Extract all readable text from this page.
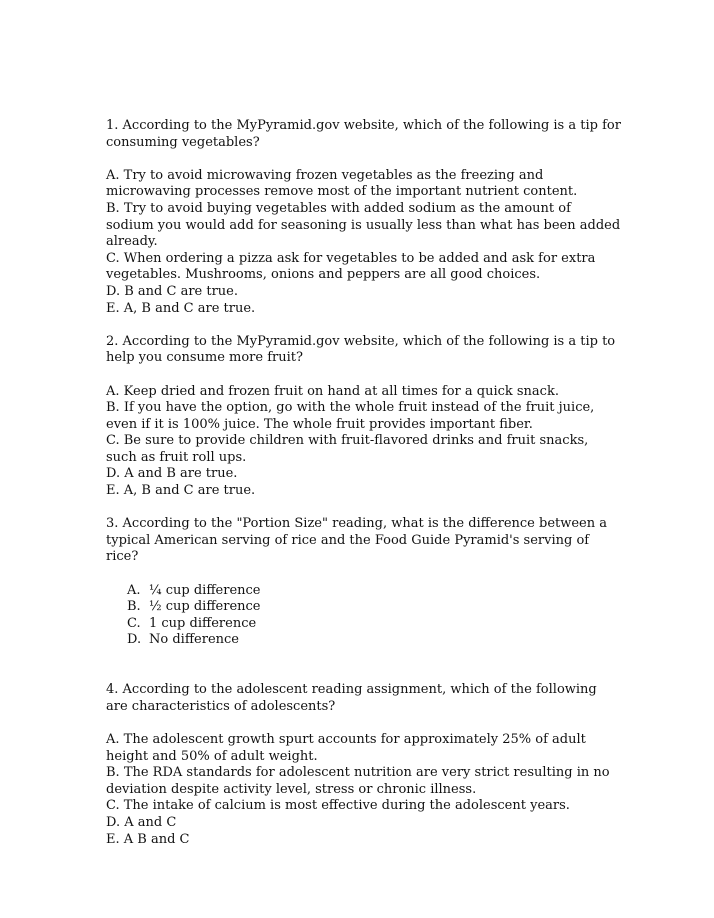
1. According to the MyPyramid.gov website, which of the following is a tip for consuming vegetables?

A. Try to avoid microwaving frozen vegetables as the freezing and microwaving processes remove most of the important nutrient content.

B. Try to avoid buying vegetables with added sodium as the amount of sodium you would add for seasoning is usually less than what has been added already.

C. When ordering a pizza ask for vegetables to be added and ask for extra vegetables. Mushrooms, onions and peppers are all good choices.

D. B and C are true.

E. A, B and C are true.

2. According to the MyPyramid.gov website, which of the following is a tip to help you consume more fruit?

A. Keep dried and frozen fruit on hand at all times for a quick snack.

B. If you have the option, go with the whole fruit instead of the fruit juice, even if it is 100% juice. The whole fruit provides important fiber.

C. Be sure to provide children with fruit-flavored drinks and fruit snacks, such as fruit roll ups.

D. A and B are true.

E. A, B and C are true.

3. According to the "Portion Size" reading, what is the difference between a typical American serving of rice and the Food Guide Pyramid's serving of rice?

A. ¼ cup difference
B. ½ cup difference
C. 1 cup difference
D. No difference

4. According to the adolescent reading assignment, which of the following are characteristics of adolescents?

A. The adolescent growth spurt accounts for approximately 25% of adult height and 50% of adult weight.

B. The RDA standards for adolescent nutrition are very strict resulting in no deviation despite activity level, stress or chronic illness.

C. The intake of calcium is most effective during the adolescent years.

D. A and C

E. A B and C
